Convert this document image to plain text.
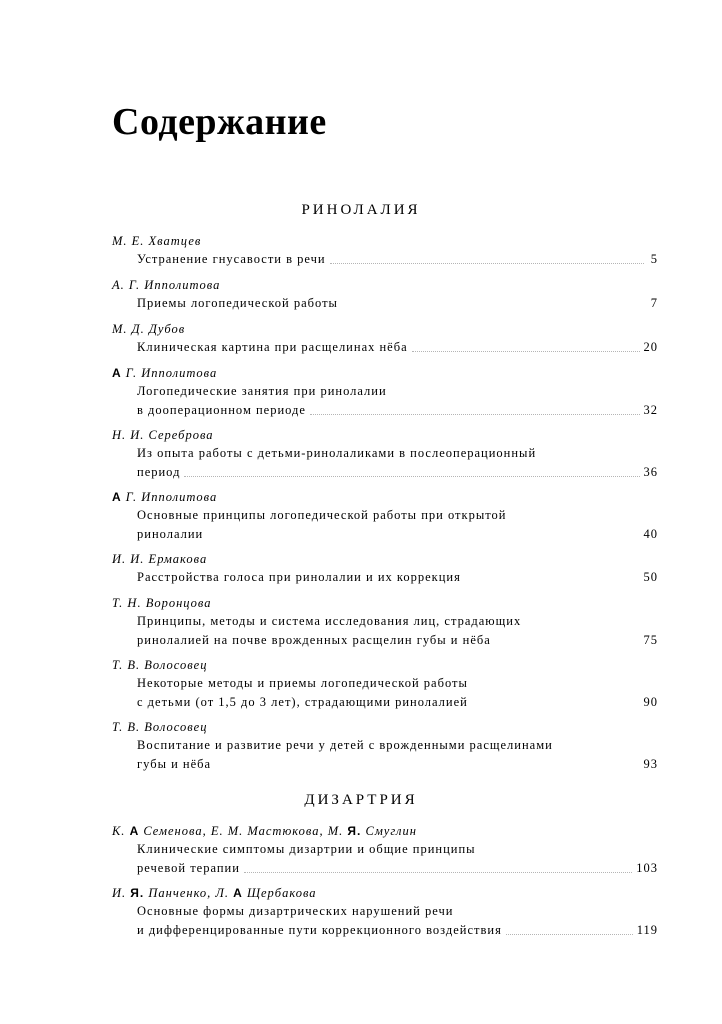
Содержание
РИНОЛАЛИЯ
М. Е. Хватцев
Устранение гнусавости в речи	5
А. Г. Ипполитова
Приемы логопедической работы	7
М. Д. Дубов
Клиническая картина при расщелинах нёба	20
А Г. Ипполитова
Логопедические занятия при ринолалии
в дооперационном периоде	32
Н. И. Сереброва
Из опыта работы с детьми-ринолаликами в послеоперационный
период	36
А Г. Ипполитова
Основные принципы логопедической работы при открытой
ринолалии	40
И. И. Ермакова
Расстройства голоса при ринолалии и их коррекция	50
Т. Н. Воронцова
Принципы, методы и система исследования лиц, страдающих
ринолалией на почве врожденных расщелин губы и нёба	75
Т. В. Волосовец
Некоторые методы и приемы логопедической работы
с детьми (от 1,5 до 3 лет), страдающими ринолалией	90
Т. В. Волосовец
Воспитание и развитие речи у детей с врожденными расщелинами
губы и нёба	93
ДИЗАРТРИЯ
К. А Семенова, Е. М. Мастюкова, М. Я. Смуглин
Клинические симптомы дизартрии и общие принципы
речевой терапии	103
И. Я. Панченко, Л. А Щербакова
Основные формы дизартрических нарушений речи
и дифференцированные пути коррекционного воздействия	119
